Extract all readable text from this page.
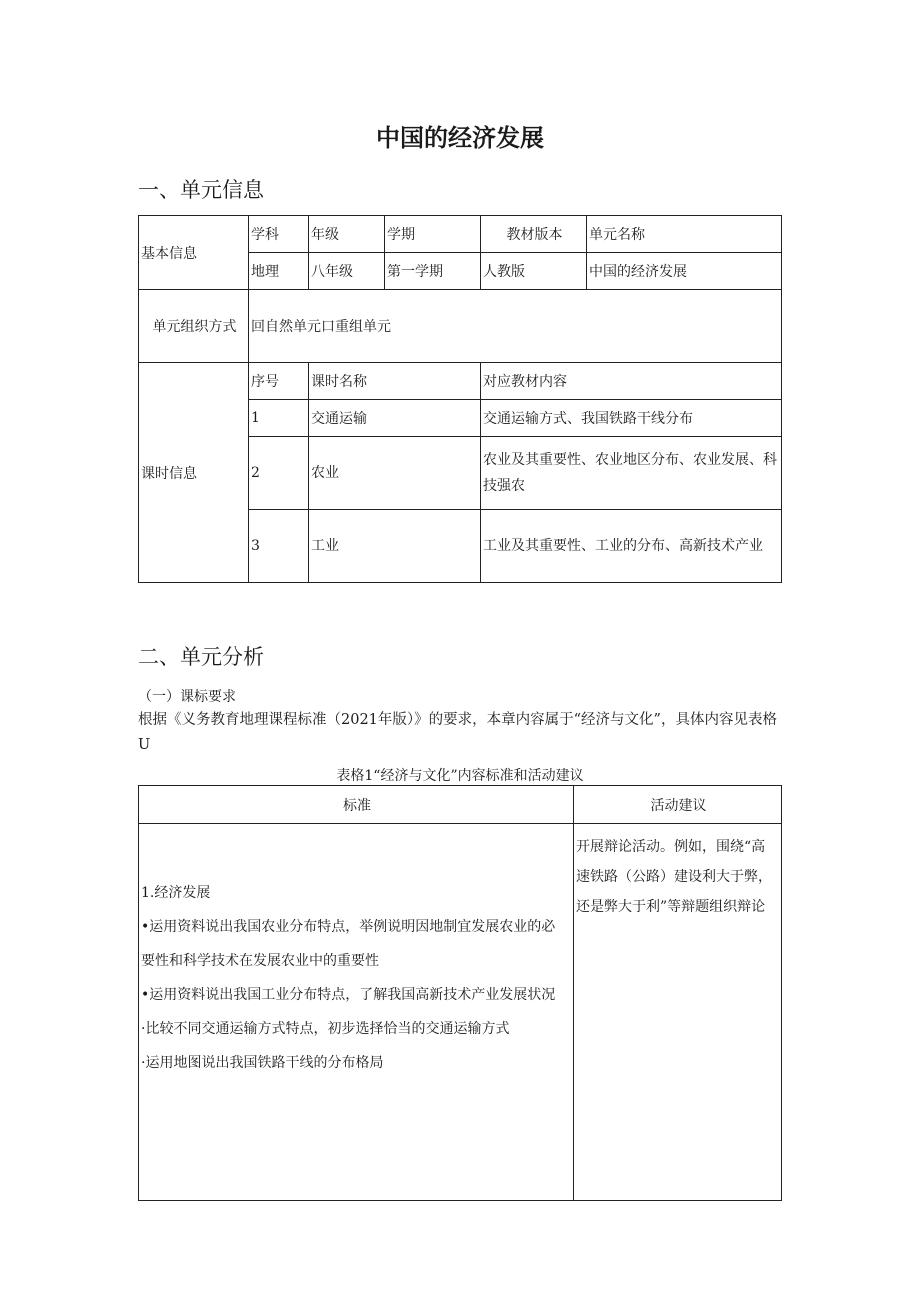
中国的经济发展
一、单元信息
基本信息	学科	年级	学期	教材版本	单元名称
	地理	八年级	第一学期	人教版	中国的经济发展
单元组织方式	回自然单元口重组单元				
课时信息	序号	课时名称		对应教材内容	
	1	交通运输		交通运输方式、我国铁路干线分布	
	2	农业		农业及其重要性、农业地区分布、农业发展、科技强农	
	3	工业		工业及其重要性、工业的分布、高新技术产业	
二、单元分析

（一）课标要求

根据《义务教育地理课程标准（2021年版）》的要求，本章内容属于“经济与文化”，具体内容见表格U

表格1“经济与文化”内容标准和活动建议

标准	活动建议

1.经济发展
•运用资料说出我国农业分布特点，举例说明因地制宜发展农业的必要性和科学技术在发展农业中的重要性
•运用资料说出我国工业分布特点，了解我国高新技术产业发展状况
·比较不同交通运输方式特点，初步选择恰当的交通运输方式
·运用地图说出我国铁路干线的分布格局	开展辩论活动。例如，围绕“高速铁路（公路）建设利大于弊，还是弊大于利”等辩题组织辩论
